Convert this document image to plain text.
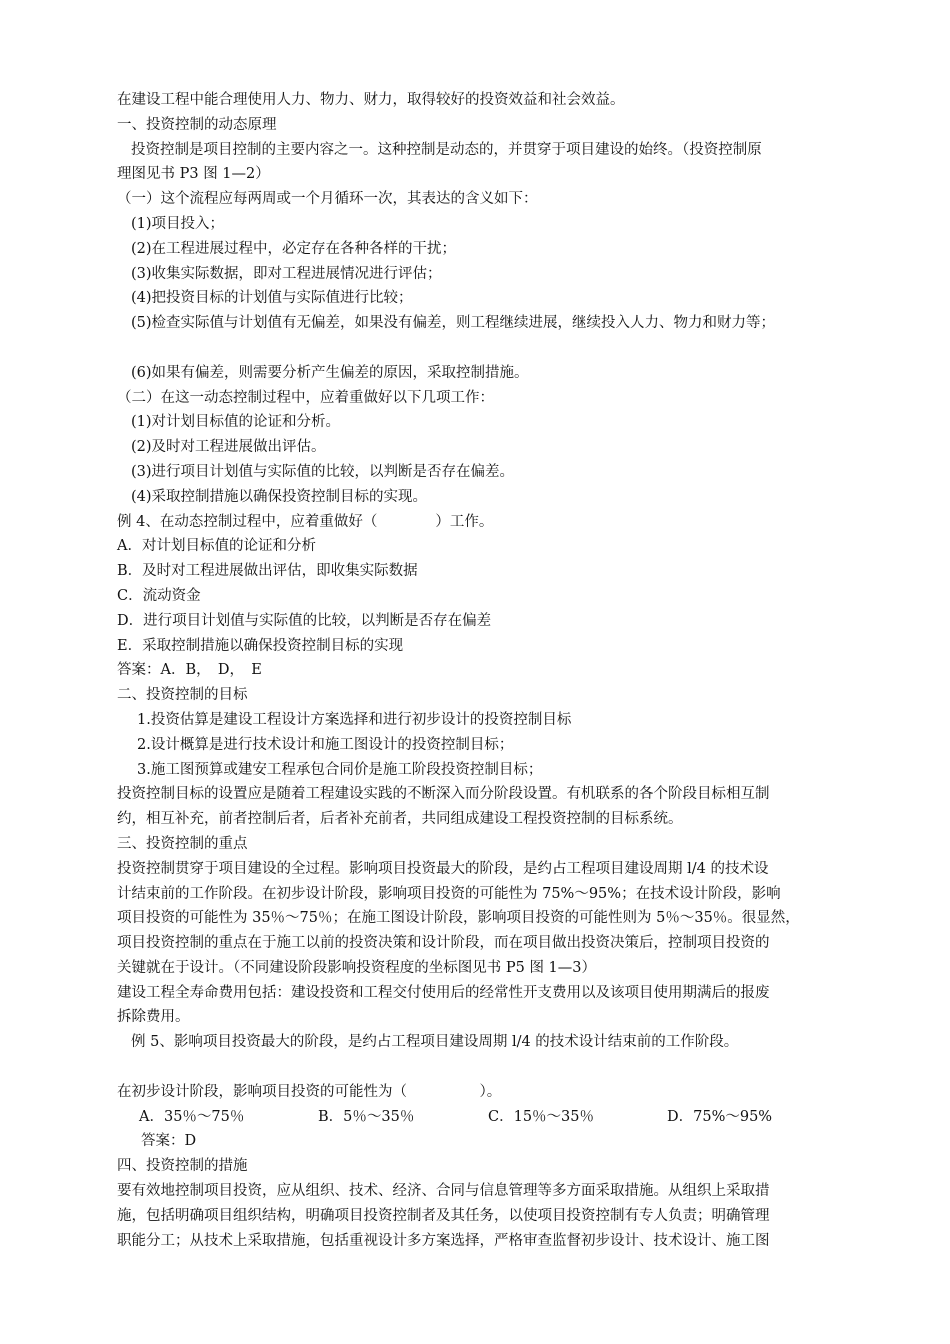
在建设工程中能合理使用人力、物力、财力，取得较好的投资效益和社会效益。
一、投资控制的动态原理
投资控制是项目控制的主要内容之一。这种控制是动态的，并贯穿于项目建设的始终。（投资控制原
理图见书 P3 图 1—2）
（一）这个流程应每两周或一个月循环一次，其表达的含义如下：
(1)项目投入；
(2)在工程进展过程中，必定存在各种各样的干扰；
(3)收集实际数据，即对工程进展情况进行评估；
(4)把投资目标的计划值与实际值进行比较；
(5)检查实际值与计划值有无偏差，如果没有偏差，则工程继续进展，继续投入人力、物力和财力等；
(6)如果有偏差，则需要分析产生偏差的原因，采取控制措施。
（二）在这一动态控制过程中，应着重做好以下几项工作：
(1)对计划目标值的论证和分析。
(2)及时对工程进展做出评估。
(3)进行项目计划值与实际值的比较，以判断是否存在偏差。
(4)采取控制措施以确保投资控制目标的实现。
例 4、在动态控制过程中，应着重做好（　　　　）工作。
A．对计划目标值的论证和分析
B．及时对工程进展做出评估，即收集实际数据
C．流动资金
D．进行项目计划值与实际值的比较，以判断是否存在偏差
E．采取控制措施以确保投资控制目标的实现
答案：A．B，　D，　E
二、投资控制的目标
1.投资估算是建设工程设计方案选择和进行初步设计的投资控制目标
2.设计概算是进行技术设计和施工图设计的投资控制目标；
3.施工图预算或建安工程承包合同价是施工阶段投资控制目标；
投资控制目标的设置应是随着工程建设实践的不断深入而分阶段设置。有机联系的各个阶段目标相互制
约，相互补充，前者控制后者，后者补充前者，共同组成建设工程投资控制的目标系统。
三、投资控制的重点
投资控制贯穿于项目建设的全过程。影响项目投资最大的阶段，是约占工程项目建设周期 l/4 的技术设
计结束前的工作阶段。在初步设计阶段，影响项目投资的可能性为 75%～95%；在技术设计阶段，影响
项目投资的可能性为 35％～75％；在施工图设计阶段，影响项目投资的可能性则为 5％～35％。很显然，
项目投资控制的重点在于施工以前的投资决策和设计阶段，而在项目做出投资决策后，控制项目投资的
关键就在于设计。（不同建设阶段影响投资程度的坐标图见书 P5 图 1—3）
建设工程全寿命费用包括：建设投资和工程交付使用后的经常性开支费用以及该项目使用期满后的报废
拆除费用。
例 5、影响项目投资最大的阶段，是约占工程项目建设周期 l/4 的技术设计结束前的工作阶段。
在初步设计阶段，影响项目投资的可能性为（　　　　　）。
A．35％～75％	B．5％～35％	C．15％～35％	D．75%～95%
答案：D
四、投资控制的措施
要有效地控制项目投资，应从组织、技术、经济、合同与信息管理等多方面采取措施。从组织上采取措
施，包括明确项目组织结构，明确项目投资控制者及其任务，以使项目投资控制有专人负责；明确管理
职能分工；从技术上采取措施，包括重视设计多方案选择，严格审查监督初步设计、技术设计、施工图
